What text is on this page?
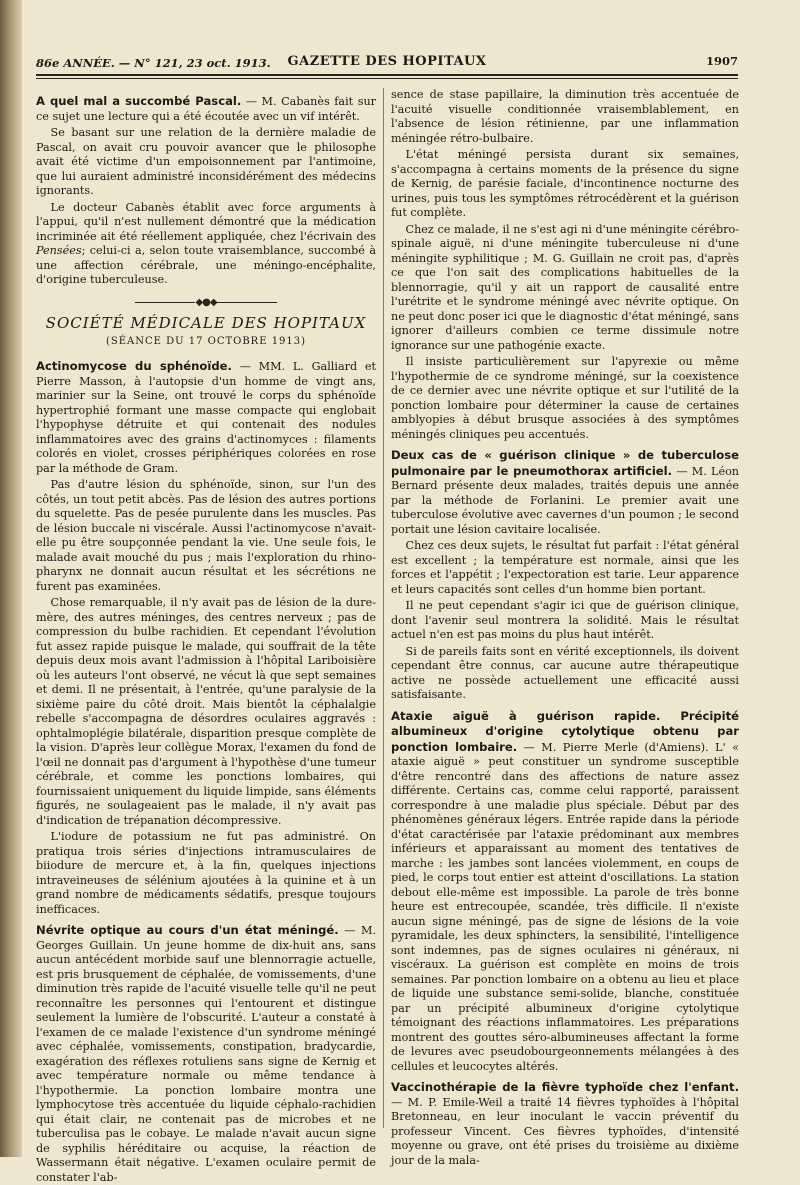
86e ANNÉE. — N° 121, 23 oct. 1913.	GAZETTE DES HOPITAUX	1907

A quel mal a succombé Pascal. — M. Cabanès fait sur ce sujet une lecture qui a été écoutée avec un vif intérêt.

Se basant sur une relation de la dernière maladie de Pascal, on avait cru pouvoir avancer que le philosophe avait été victime d'un empoisonnement par l'antimoine, que lui auraient administré inconsidérément des médecins ignorants.

Le docteur Cabanès établit avec force arguments à l'appui, qu'il n'est nullement démontré que la médication incriminée ait été réellement appliquée, chez l'écrivain des Pensées; celui-ci a, selon toute vraisemblance, succombé à une affection cérébrale, une méningo-encéphalite, d'origine tuberculeuse.

◆●◆
SOCIÉTÉ MÉDICALE DES HOPITAUX
(SÉANCE DU 17 OCTOBRE 1913)

Actinomycose du sphénoïde. — MM. L. Galliard et Pierre Masson, à l'autopsie d'un homme de vingt ans, marinier sur la Seine, ont trouvé le corps du sphénoïde hypertrophié formant une masse compacte qui englobait l'hypophyse détruite et qui contenait des nodules inflammatoires avec des grains d'actinomyces : filaments colorés en violet, crosses périphériques colorées en rose par la méthode de Gram.

Pas d'autre lésion du sphénoïde, sinon, sur l'un des côtés, un tout petit abcès. Pas de lésion des autres portions du squelette. Pas de pesée purulente dans les muscles. Pas de lésion buccale ni viscérale. Aussi l'actinomycose n'avait-elle pu être soupçonnée pendant la vie. Une seule fois, le malade avait mouché du pus ; mais l'exploration du rhino-pharynx ne donnait aucun résultat et les sécrétions ne furent pas examinées.

Chose remarquable, il n'y avait pas de lésion de la dure-mère, des autres méninges, des centres nerveux ; pas de compression du bulbe rachidien. Et cependant l'évolution fut assez rapide puisque le malade, qui souffrait de la tête depuis deux mois avant l'admission à l'hôpital Lariboisière où les auteurs l'ont observé, ne vécut là que sept semaines et demi. Il ne présentait, à l'entrée, qu'une paralysie de la sixième paire du côté droit. Mais bientôt la céphalalgie rebelle s'accompagna de désordres oculaires aggravés : ophtalmoplégie bilatérale, disparition presque complète de la vision. D'après leur collègue Morax, l'examen du fond de l'œil ne donnait pas d'argument à l'hypothèse d'une tumeur cérébrale, et comme les ponctions lombaires, qui fournissaient uniquement du liquide limpide, sans éléments figurés, ne soulageaient pas le malade, il n'y avait pas d'indication de trépanation décompressive.

L'iodure de potassium ne fut pas administré. On pratiqua trois séries d'injections intramusculaires de biiodure de mercure et, à la fin, quelques injections intraveineuses de sélénium ajoutées à la quinine et à un grand nombre de médicaments sédatifs, presque toujours inefficaces.

Névrite optique au cours d'un état méningé. — M. Georges Guillain. Un jeune homme de dix-huit ans, sans aucun antécédent morbide sauf une blennorragie actuelle, est pris brusquement de céphalée, de vomissements, d'une diminution très rapide de l'acuité visuelle telle qu'il ne peut reconnaître les personnes qui l'entourent et distingue seulement la lumière de l'obscurité. L'auteur a constaté à l'examen de ce malade l'existence d'un syndrome méningé avec céphalée, vomissements, constipation, bradycardie, exagération des réflexes rotuliens sans signe de Kernig et avec température normale ou même tendance à l'hypothermie. La ponction lombaire montra une lymphocytose très accentuée du liquide céphalo-rachidien qui était clair, ne contenait pas de microbes et ne tuberculisa pas le cobaye. Le malade n'avait aucun signe de syphilis héréditaire ou acquise, la réaction de Wassermann était négative. L'examen oculaire permit de constater l'ab-

sence de stase papillaire, la diminution très accentuée de l'acuité visuelle conditionnée vraisemblablement, en l'absence de lésion rétinienne, par une inflammation méningée rétro-bulbaire.

L'état méningé persista durant six semaines, s'accompagna à certains moments de la présence du signe de Kernig, de parésie faciale, d'incontinence nocturne des urines, puis tous les symptômes rétrocédèrent et la guérison fut complète.

Chez ce malade, il ne s'est agi ni d'une méningite cérébro-spinale aiguë, ni d'une méningite tuberculeuse ni d'une méningite syphilitique ; M. G. Guillain ne croit pas, d'après ce que l'on sait des complications habituelles de la blennorragie, qu'il y ait un rapport de causalité entre l'urétrite et le syndrome méningé avec névrite optique. On ne peut donc poser ici que le diagnostic d'état méningé, sans ignorer d'ailleurs combien ce terme dissimule notre ignorance sur une pathogénie exacte.

Il insiste particulièrement sur l'apyrexie ou même l'hypothermie de ce syndrome méningé, sur la coexistence de ce dernier avec une névrite optique et sur l'utilité de la ponction lombaire pour déterminer la cause de certaines amblyopies à début brusque associées à des symptômes méningés cliniques peu accentués.

Deux cas de « guérison clinique » de tuberculose pulmonaire par le pneumothorax artificiel. — M. Léon Bernard présente deux malades, traités depuis une année par la méthode de Forlanini. Le premier avait une tuberculose évolutive avec cavernes d'un poumon ; le second portait une lésion cavitaire localisée.

Chez ces deux sujets, le résultat fut parfait : l'état général est excellent ; la température est normale, ainsi que les forces et l'appétit ; l'expectoration est tarie. Leur apparence et leurs capacités sont celles d'un homme bien portant.

Il ne peut cependant s'agir ici que de guérison clinique, dont l'avenir seul montrera la solidité. Mais le résultat actuel n'en est pas moins du plus haut intérêt.

Si de pareils faits sont en vérité exceptionnels, ils doivent cependant être connus, car aucune autre thérapeutique active ne possède actuellement une efficacité aussi satisfaisante.

Ataxie aiguë à guérison rapide. Précipité albumineux d'origine cytolytique obtenu par ponction lombaire. — M. Pierre Merle (d'Amiens). L' « ataxie aiguë » peut constituer un syndrome susceptible d'être rencontré dans des affections de nature assez différente. Certains cas, comme celui rapporté, paraissent correspondre à une maladie plus spéciale. Début par des phénomènes généraux légers. Entrée rapide dans la période d'état caractérisée par l'ataxie prédominant aux membres inférieurs et apparaissant au moment des tentatives de marche : les jambes sont lancées violemment, en coups de pied, le corps tout entier est atteint d'oscillations. La station debout elle-même est impossible. La parole de très bonne heure est entrecoupée, scandée, très difficile. Il n'existe aucun signe méningé, pas de signe de lésions de la voie pyramidale, les deux sphincters, la sensibilité, l'intelligence sont indemnes, pas de signes oculaires ni généraux, ni viscéraux. La guérison est complète en moins de trois semaines. Par ponction lombaire on a obtenu au lieu et place de liquide une substance semi-solide, blanche, constituée par un précipité albumineux d'origine cytolytique témoignant des réactions inflammatoires. Les préparations montrent des gouttes séro-albumineuses affectant la forme de levures avec pseudobourgeonnements mélangées à des cellules et leucocytes altérés.

Vaccinothérapie de la fièvre typhoïde chez l'enfant. — M. P. Emile-Weil a traité 14 fièvres typhoïdes à l'hôpital Bretonneau, en leur inoculant le vaccin préventif du professeur Vincent. Ces fièvres typhoïdes, d'intensité moyenne ou grave, ont été prises du troisième au dixième jour de la mala-
